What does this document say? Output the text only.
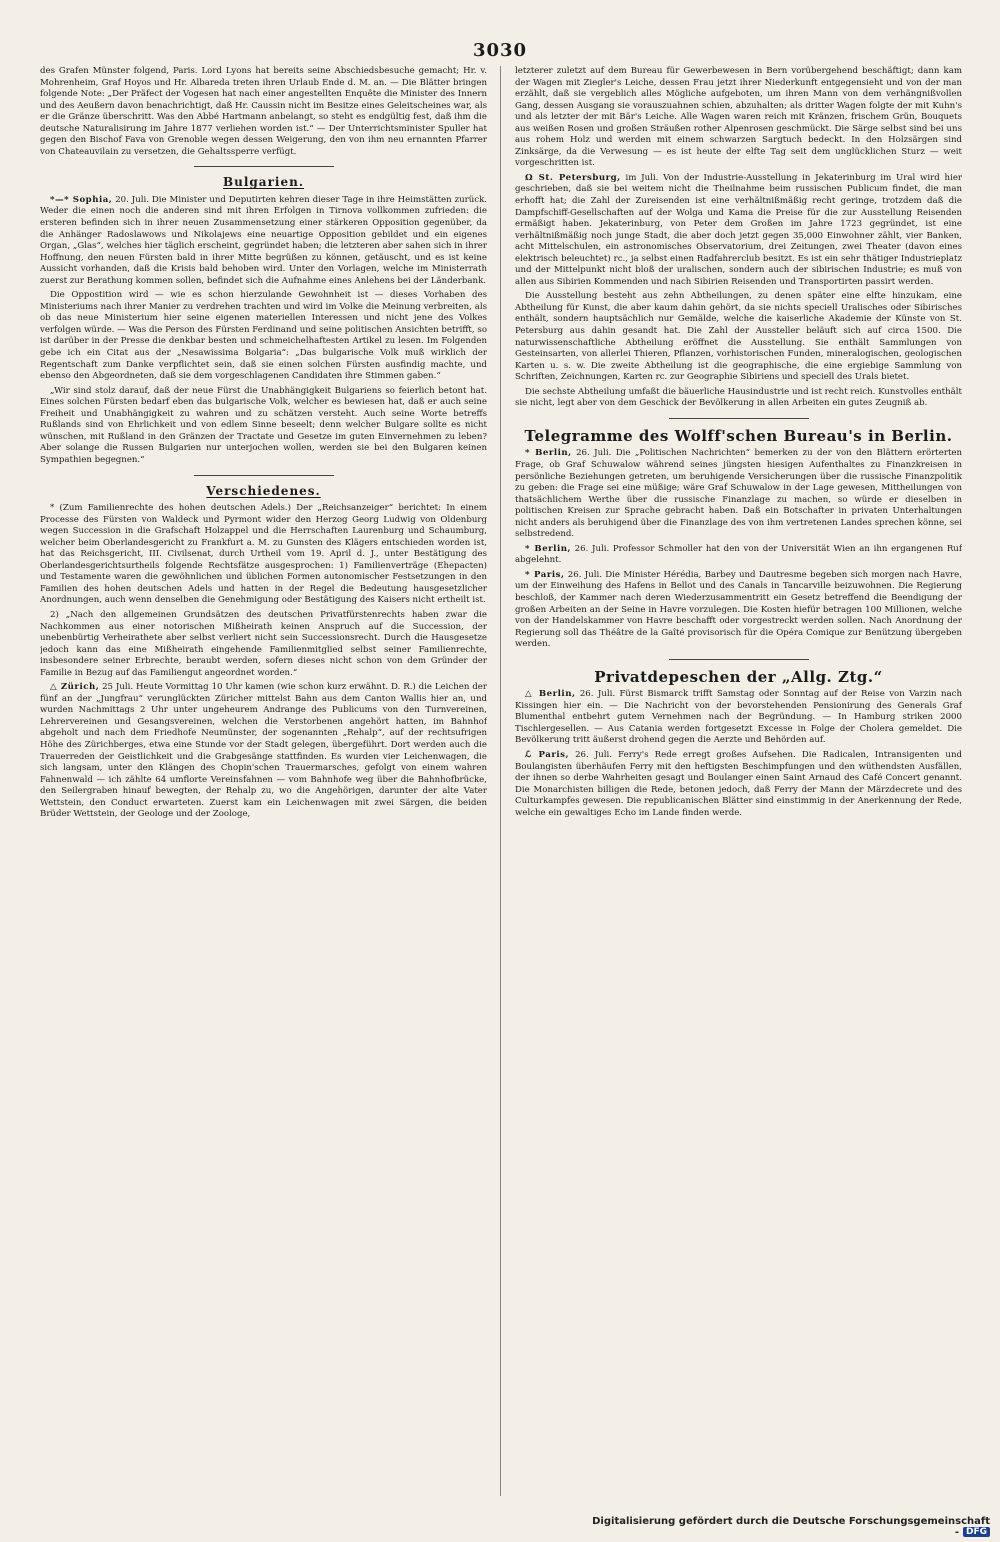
3030

des Grafen Münster folgend, Paris. Lord Lyons hat bereits seine Abschiedsbesuche gemacht; Hr. v. Mohrenheim, Graf Hoyos und Hr. Albareda treten ihren Urlaub Ende d. M. an. — Die Blätter bringen folgende Note: „Der Präfect der Vogesen hat nach einer angestellten Enquête die Minister des Innern und des Aeußern davon benachrichtigt, daß Hr. Caussin nicht im Besitze eines Geleitscheines war, als er die Gränze überschritt. Was den Abbé Hartmann anbelangt, so steht es endgültig fest, daß ihm die deutsche Naturalisirung im Jahre 1877 verliehen worden ist.“ — Der Unterrichtsminister Spuller hat gegen den Bischof Fava von Grenoble wegen dessen Weigerung, den von ihm neu ernannten Pfarrer von Chateauvilain zu versetzen, die Gehaltssperre verfügt.

Bulgarien.

*—* Sophia, 20. Juli. Die Minister und Deputirten kehren dieser Tage in ihre Heimstätten zurück. Weder die einen noch die anderen sind mit ihren Erfolgen in Tirnova vollkommen zufrieden: die ersteren befinden sich in ihrer neuen Zusammensetzung einer stärkeren Opposition gegenüber, da die Anhänger Radoslawows und Nikolajews eine neuartige Opposition gebildet und ein eigenes Organ, „Glas“, welches hier täglich erscheint, gegründet haben; die letzteren aber sahen sich in ihrer Hoffnung, den neuen Fürsten bald in ihrer Mitte begrüßen zu können, getäuscht, und es ist keine Aussicht vorhanden, daß die Krisis bald behoben wird. Unter den Vorlagen, welche im Ministerrath zuerst zur Berathung kommen sollen, befindet sich die Aufnahme eines Anlehens bei der Länderbank.

Die Oppostition wird — wie es schon hierzulande Gewohnheit ist — dieses Vorhaben des Ministeriums nach ihrer Manier zu verdrehen trachten und wird im Volke die Meinung verbreiten, als ob das neue Ministerium hier seine eigenen materiellen Interessen und nicht jene des Volkes verfolgen würde. — Was die Person des Fürsten Ferdinand und seine politischen Ansichten betrifft, so ist darüber in der Presse die denkbar besten und schmeichelhaftesten Artikel zu lesen. Im Folgenden gebe ich ein Citat aus der „Nesawissima Bolgaria“: „Das bulgarische Volk muß wirklich der Regentschaft zum Danke verpflichtet sein, daß sie einen solchen Fürsten ausfindig machte, und ebenso den Abgeordneten, daß sie dem vorgeschlagenen Candidaten ihre Stimmen gaben.“

„Wir sind stolz darauf, daß der neue Fürst die Unabhängigkeit Bulgariens so feierlich betont hat. Eines solchen Fürsten bedarf eben das bulgarische Volk, welcher es bewiesen hat, daß er auch seine Freiheit und Unabhängigkeit zu wahren und zu schätzen versteht. Auch seine Worte betreffs Rußlands sind von Ehrlichkeit und von edlem Sinne beseelt; denn welcher Bulgare sollte es nicht wünschen, mit Rußland in den Gränzen der Tractate und Gesetze im guten Einvernehmen zu leben? Aber solange die Russen Bulgarien nur unterjochen wollen, werden sie bei den Bulgaren keinen Sympathien begegnen.“

Verschiedenes.

* (Zum Familienrechte des hohen deutschen Adels.) Der „Reichsanzeiger“ berichtet: In einem Processe des Fürsten von Waldeck und Pyrmont wider den Herzog Georg Ludwig von Oldenburg wegen Succession in die Grafschaft Holzappel und die Herrschaften Laurenburg und Schaumburg, welcher beim Oberlandesgericht zu Frankfurt a. M. zu Gunsten des Klägers entschieden worden ist, hat das Reichsgericht, III. Civilsenat, durch Urtheil vom 19. April d. J., unter Bestätigung des Oberlandesgerichtsurtheils folgende Rechtsfätze ausgesprochen: 1) Familienverträge (Ehepacten) und Testamente waren die gewöhnlichen und üblichen Formen autonomischer Festsetzungen in den Familien des hohen deutschen Adels und hatten in der Regel die Bedeutung hausgesetzlicher Anordnungen, auch wenn denselben die Genehmigung oder Bestätigung des Kaisers nicht ertheilt ist.

2) „Nach den allgemeinen Grundsätzen des deutschen Privatfürstenrechts haben zwar die Nachkommen aus einer notorischen Mißheirath keinen Anspruch auf die Succession, der unebenbürtig Verheirathete aber selbst verliert nicht sein Successionsrecht. Durch die Hausgesetze jedoch kann das eine Mißheirath eingehende Familienmitglied selbst seiner Familienrechte, insbesondere seiner Erbrechte, beraubt werden, sofern dieses nicht schon von dem Gründer der Familie in Bezug auf das Familiengut angeordnet worden.“

△ Zürich, 25 Juli. Heute Vormittag 10 Uhr kamen (wie schon kurz erwähnt. D. R.) die Leichen der fünf an der „Jungfrau“ verunglückten Züricher mittelst Bahn aus dem Canton Wallis hier an, und wurden Nachmittags 2 Uhr unter ungeheurem Andrange des Publicums von den Turnvereinen, Lehrervereinen und Gesangsvereinen, welchen die Verstorbenen angehört hatten, im Bahnhof abgeholt und nach dem Friedhofe Neumünster, der sogenannten „Rehalp“, auf der rechtsufrigen Höhe des Zürichberges, etwa eine Stunde vor der Stadt gelegen, übergeführt. Dort werden auch die Trauerreden der Geistlichkeit und die Grabgesänge stattfinden. Es wurden vier Leichenwagen, die sich langsam, unter den Klängen des Chopin'schen Trauermarsches, gefolgt von einem wahren Fahnenwald — ich zählte 64 umflorte Vereinsfahnen — vom Bahnhofe weg über die Bahnhofbrücke, den Seilergraben hinauf bewegten, der Rehalp zu, wo die Angehörigen, darunter der alte Vater Wettstein, den Conduct erwarteten. Zuerst kam ein Leichenwagen mit zwei Särgen, die beiden Brüder Wettstein, der Geologe und der Zoologe,

letzterer zuletzt auf dem Bureau für Gewerbewesen in Bern vorübergehend beschäftigt; dann kam der Wagen mit Ziegler's Leiche, dessen Frau jetzt ihrer Niederkunft entgegensieht und von der man erzählt, daß sie vergeblich alles Mögliche aufgeboten, um ihren Mann von dem verhängnißvollen Gang, dessen Ausgang sie vorauszuahnen schien, abzuhalten; als dritter Wagen folgte der mit Kuhn's und als letzter der mit Bär's Leiche. Alle Wagen waren reich mit Kränzen, frischem Grün, Bouquets aus weißen Rosen und großen Sträußen rother Alpenrosen geschmückt. Die Särge selbst sind bei uns aus rohem Holz und werden mit einem schwarzen Sargtuch bedeckt. In den Holzsärgen sind Zinksärge, da die Verwesung — es ist heute der elfte Tag seit dem unglücklichen Sturz — weit vorgeschritten ist.

Ω St. Petersburg, im Juli. Von der Industrie-Ausstellung in Jekaterinburg im Ural wird hier geschrieben, daß sie bei weitem nicht die Theilnahme beim russischen Publicum findet, die man erhofft hat; die Zahl der Zureisenden ist eine verhältnißmäßig recht geringe, trotzdem daß die Dampfschiff-Gesellschaften auf der Wolga und Kama die Preise für die zur Ausstellung Reisenden ermäßigt haben. Jekaterinburg, von Peter dem Großen im Jahre 1723 gegründet, ist eine verhältnißmäßig noch junge Stadt, die aber doch jetzt gegen 35,000 Einwohner zählt, vier Banken, acht Mittelschulen, ein astronomisches Observatorium, drei Zeitungen, zwei Theater (davon eines elektrisch beleuchtet) rc., ja selbst einen Radfahrerclub besitzt. Es ist ein sehr thätiger Industrieplatz und der Mittelpunkt nicht bloß der uralischen, sondern auch der sibirischen Industrie; es muß von allen aus Sibirien Kommenden und nach Sibirien Reisenden und Transportirten passirt werden.

Die Ausstellung besteht aus zehn Abtheilungen, zu denen später eine elfte hinzukam, eine Abtheilung für Kunst, die aber kaum dahin gehört, da sie nichts speciell Uralisches oder Sibirisches enthält, sondern hauptsächlich nur Gemälde, welche die kaiserliche Akademie der Künste von St. Petersburg aus dahin gesandt hat. Die Zahl der Aussteller beläuft sich auf circa 1500. Die naturwissenschaftliche Abtheilung eröffnet die Ausstellung. Sie enthält Sammlungen von Gesteinsarten, von allerlei Thieren, Pflanzen, vorhistorischen Funden, mineralogischen, geologischen Karten u. s. w. Die zweite Abtheilung ist die geographische, die eine ergiebige Sammlung von Schriften, Zeichnungen, Karten rc. zur Geographie Sibiriens und speciell des Urals bietet.

Die sechste Abtheilung umfaßt die bäuerliche Hausindustrie und ist recht reich. Kunstvolles enthält sie nicht, legt aber von dem Geschick der Bevölkerung in allen Arbeiten ein gutes Zeugniß ab.

Telegramme des Wolff'schen Bureau's in Berlin.

* Berlin, 26. Juli. Die „Politischen Nachrichten“ bemerken zu der von den Blättern erörterten Frage, ob Graf Schuwalow während seines jüngsten hiesigen Aufenthaltes zu Finanzkreisen in persönliche Beziehungen getreten, um beruhigende Versicherungen über die russische Finanzpolitik zu geben: die Frage sei eine müßige; wäre Graf Schuwalow in der Lage gewesen, Mittheilungen von thatsächlichem Werthe über die russische Finanzlage zu machen, so würde er dieselben in politischen Kreisen zur Sprache gebracht haben. Daß ein Botschafter in privaten Unterhaltungen nicht anders als beruhigend über die Finanzlage des von ihm vertretenen Landes sprechen könne, sei selbstredend.

* Berlin, 26. Juli. Professor Schmoller hat den von der Universität Wien an ihn ergangenen Ruf abgelehnt.

* Paris, 26. Juli. Die Minister Hérédia, Barbey und Dautresme begeben sich morgen nach Havre, um der Einweihung des Hafens in Bellot und des Canals in Tancarville beizuwohnen. Die Regierung beschloß, der Kammer nach deren Wiederzusammentritt ein Gesetz betreffend die Beendigung der großen Arbeiten an der Seine in Havre vorzulegen. Die Kosten hiefür betragen 100 Millionen, welche von der Handelskammer von Havre beschafft oder vorgestreckt werden sollen. Nach Anordnung der Regierung soll das Théâtre de la Gaîté provisorisch für die Opéra Comique zur Benützung übergeben werden.

Privatdepeschen der „Allg. Ztg.“

△ Berlin, 26. Juli. Fürst Bismarck trifft Samstag oder Sonntag auf der Reise von Varzin nach Kissingen hier ein. — Die Nachricht von der bevorstehenden Pensionirung des Generals Graf Blumenthal entbehrt gutem Vernehmen nach der Begründung. — In Hamburg striken 2000 Tischlergesellen. — Aus Catania werden fortgesetzt Excesse in Folge der Cholera gemeldet. Die Bevölkerung tritt äußerst drohend gegen die Aerzte und Behörden auf.

ℒ Paris, 26. Juli. Ferry's Rede erregt großes Aufsehen. Die Radicalen, Intransigenten und Boulangisten überhäufen Ferry mit den heftigsten Beschimpfungen und den wüthendsten Ausfällen, der ihnen so derbe Wahrheiten gesagt und Boulanger einen Saint Arnaud des Café Concert genannt. Die Monarchisten billigen die Rede, betonen jedoch, daß Ferry der Mann der Märzdecrete und des Culturkampfes gewesen. Die republicanischen Blätter sind einstimmig in der Anerkennung der Rede, welche ein gewaltiges Echo im Lande finden werde.

Digitalisierung gefördert durch die Deutsche Forschungsgemeinschaft - DFG
